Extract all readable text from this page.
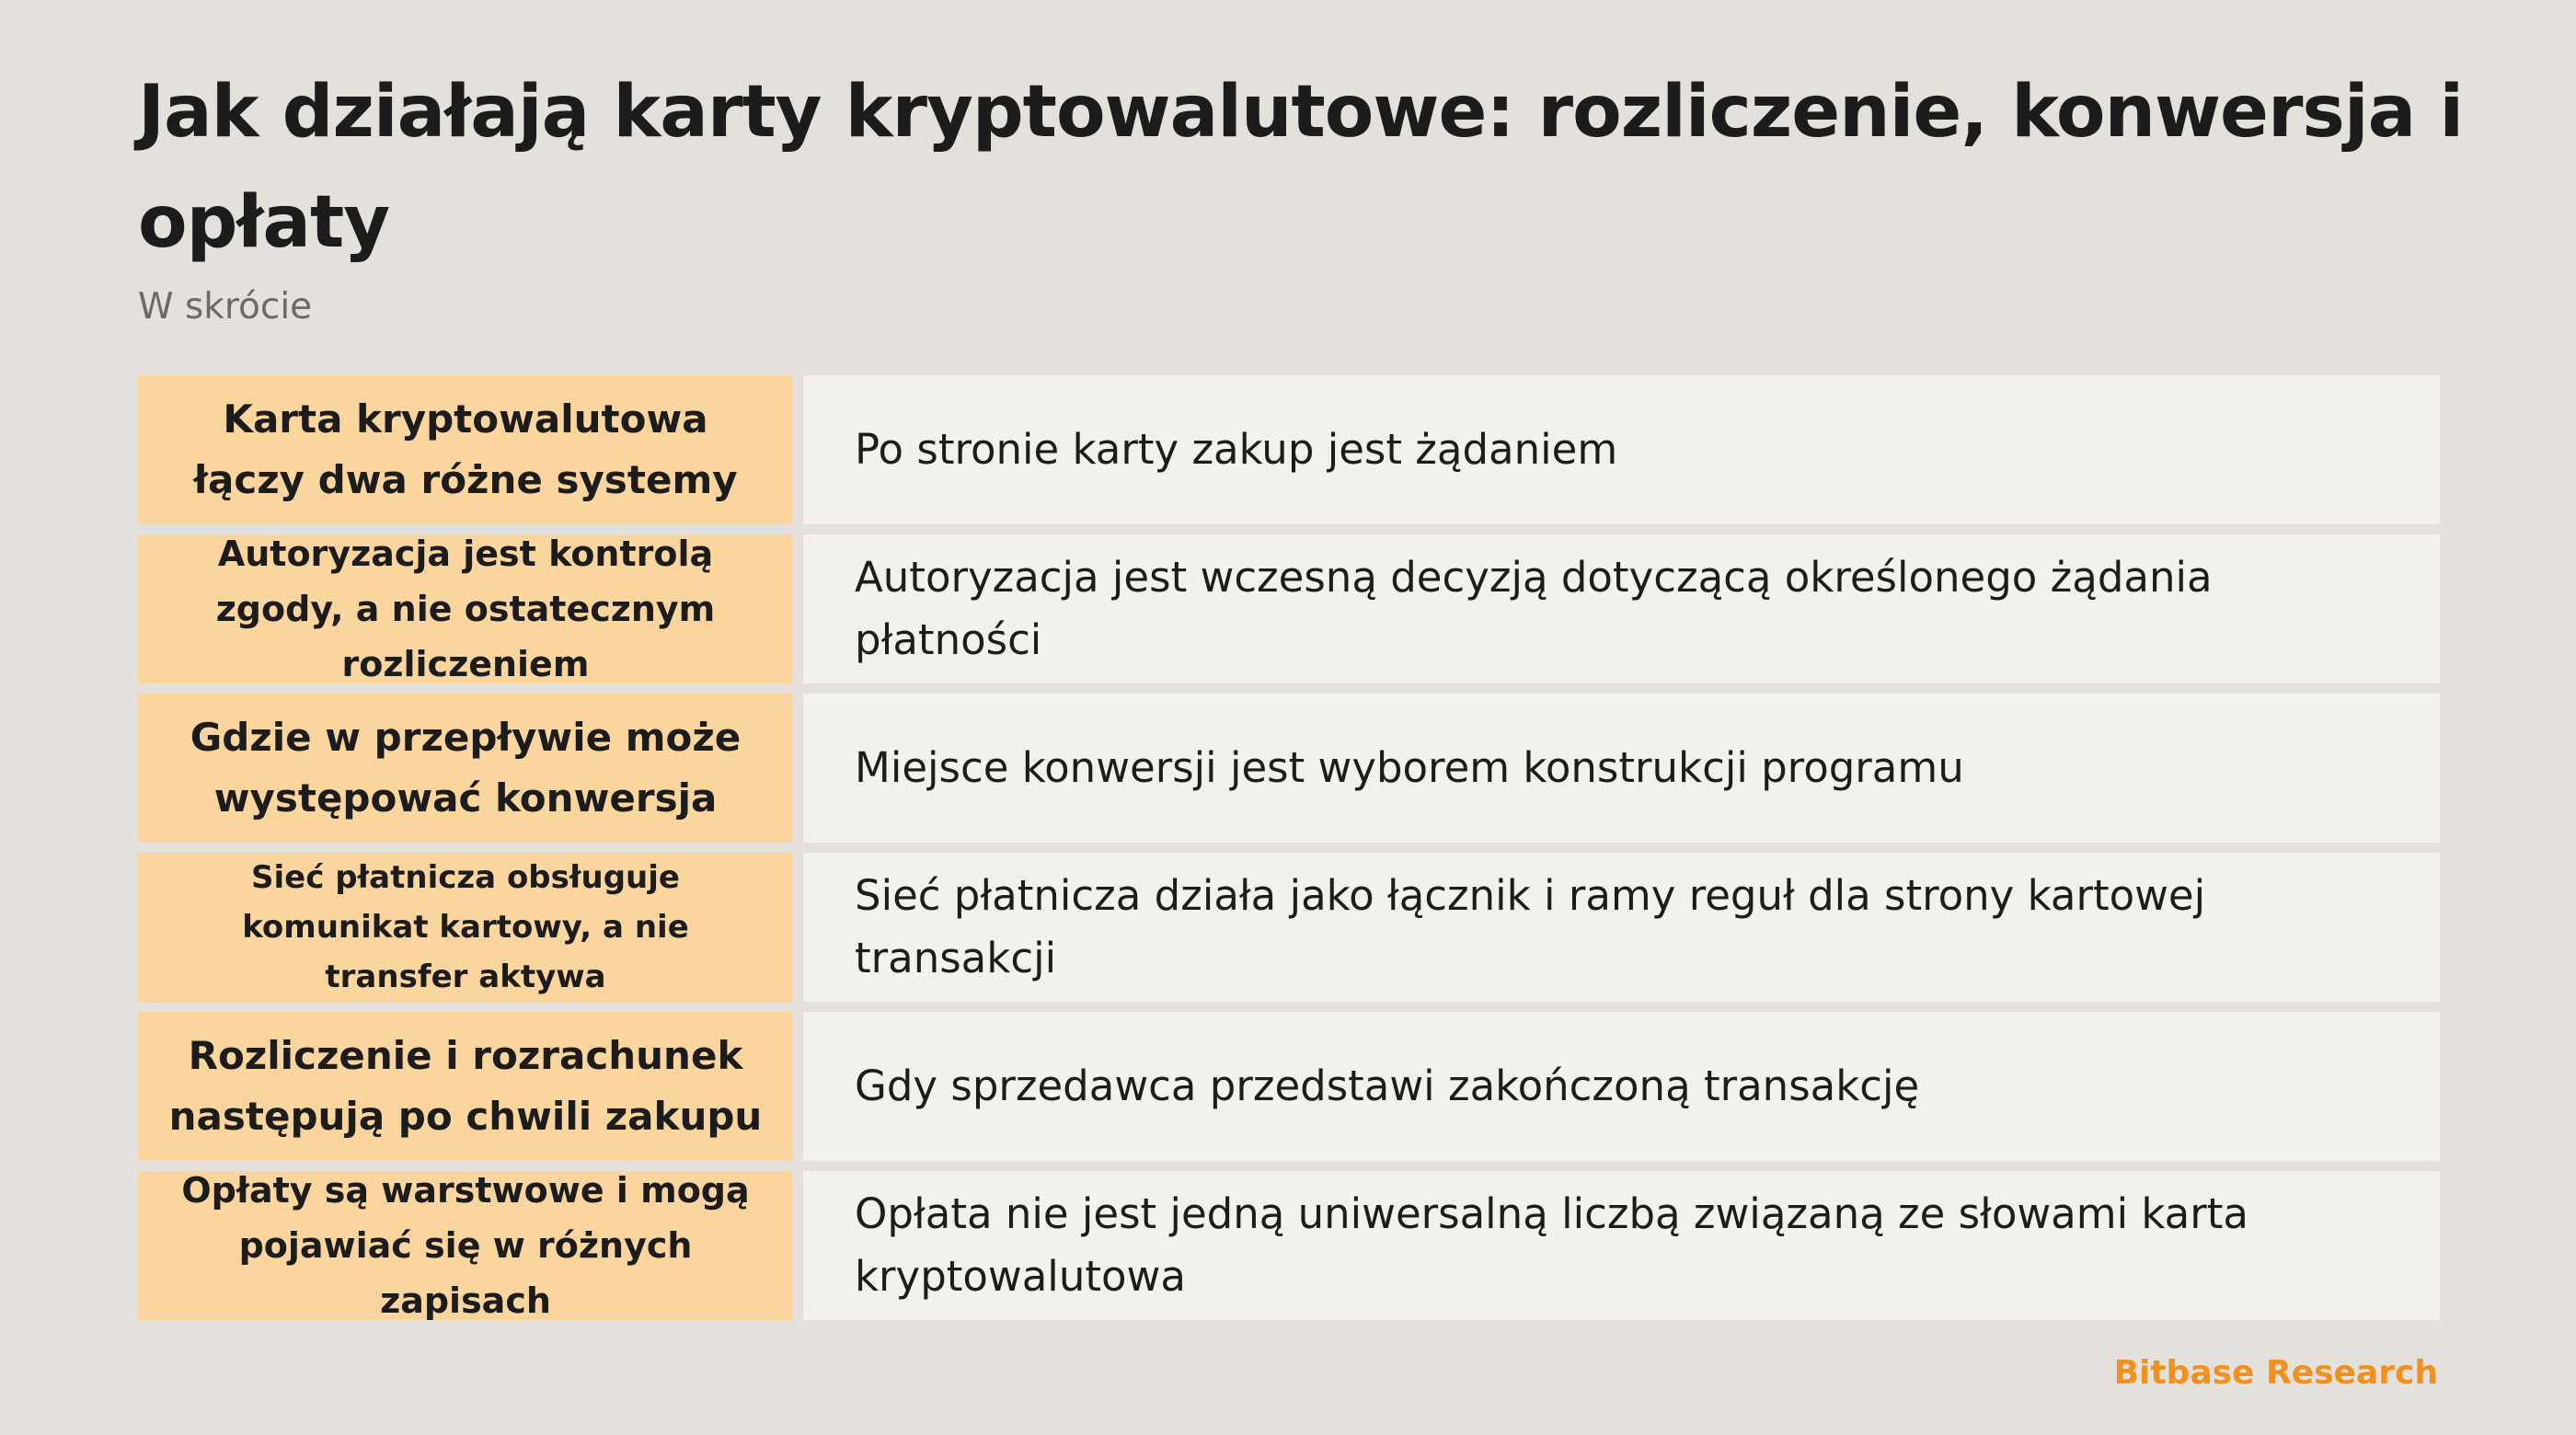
Jak działają karty kryptowalutowe: rozliczenie, konwersja i opłaty
W skrócie
Karta kryptowalutowa łączy dwa różne systemy
Po stronie karty zakup jest żądaniem
Autoryzacja jest kontrolą zgody, a nie ostatecznym rozliczeniem
Autoryzacja jest wczesną decyzją dotyczącą określonego żądania płatności
Gdzie w przepływie może występować konwersja
Miejsce konwersji jest wyborem konstrukcji programu
Sieć płatnicza obsługuje komunikat kartowy, a nie transfer aktywa
Sieć płatnicza działa jako łącznik i ramy reguł dla strony kartowej transakcji
Rozliczenie i rozrachunek następują po chwili zakupu
Gdy sprzedawca przedstawi zakończoną transakcję
Opłaty są warstwowe i mogą pojawiać się w różnych zapisach
Opłata nie jest jedną uniwersalną liczbą związaną ze słowami karta kryptowalutowa
Bitbase Research
